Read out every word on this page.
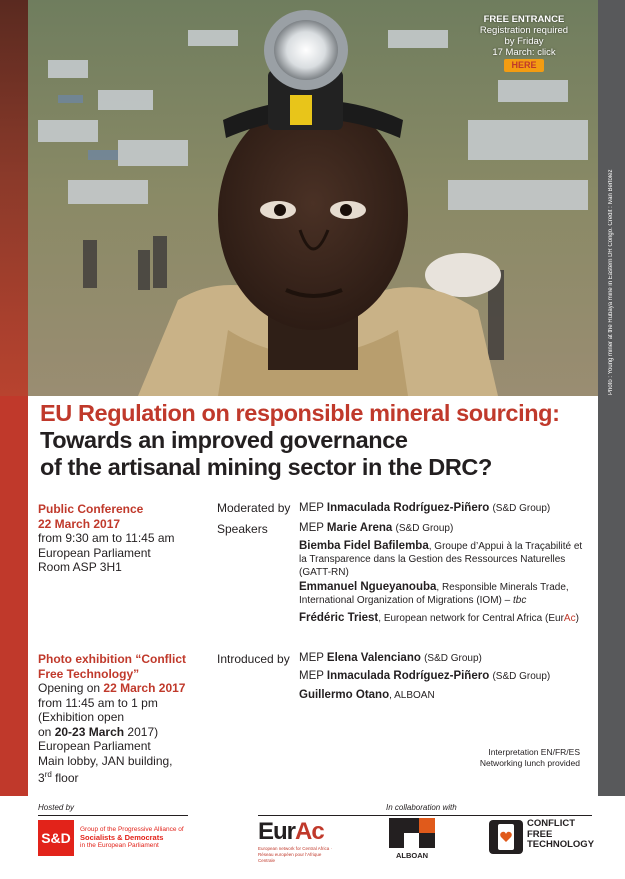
Photo : Young miner at the Rubaya mine in Eastern DR Congo. Credit : Ivan Bertolez
FREE ENTRANCE
Registration required
by Friday
17 March: click
HERE
EU Regulation on responsible mineral sourcing:
Towards an improved governance
of the artisanal mining sector in the DRC?
Public Conference
22 March 2017
from 9:30 am to 11:45 am
European Parliament
Room ASP 3H1
Photo exhibition “Conflict
Free Technology”
Opening on 22 March 2017
from 11:45 am to 1 pm
(Exhibition open
on 20-23 March 2017)
European Parliament
Main lobby, JAN building,
3rd floor
Moderated by
Speakers
Introduced by
MEP Inmaculada Rodríguez-Piñero (S&D Group)
MEP Marie Arena (S&D Group)
Biemba Fidel Bafilemba, Groupe d’Appui à la Traçabilité et la Transparence dans la Gestion des Ressources Naturelles (GATT-RN)
Emmanuel Ngueyanouba, Responsible Minerals Trade, International Organization of Migrations (IOM) – tbc
Frédéric Triest, European network for Central Africa (EurAc)
MEP Elena Valenciano (S&D Group)
MEP Inmaculada Rodríguez-Piñero (S&D Group)
Guillermo Otano, ALBOAN
Interpretation EN/FR/ES
Networking lunch provided
Hosted by	In collaboration with
S&D
Group of the Progressive Alliance of
Socialists & Democrats
in the European Parliament
EurAc
European network for Central Africa · Réseau européen pour l'Afrique Centrale
ALBOAN
CONFLICT
FREE
TECHNOLOGY
